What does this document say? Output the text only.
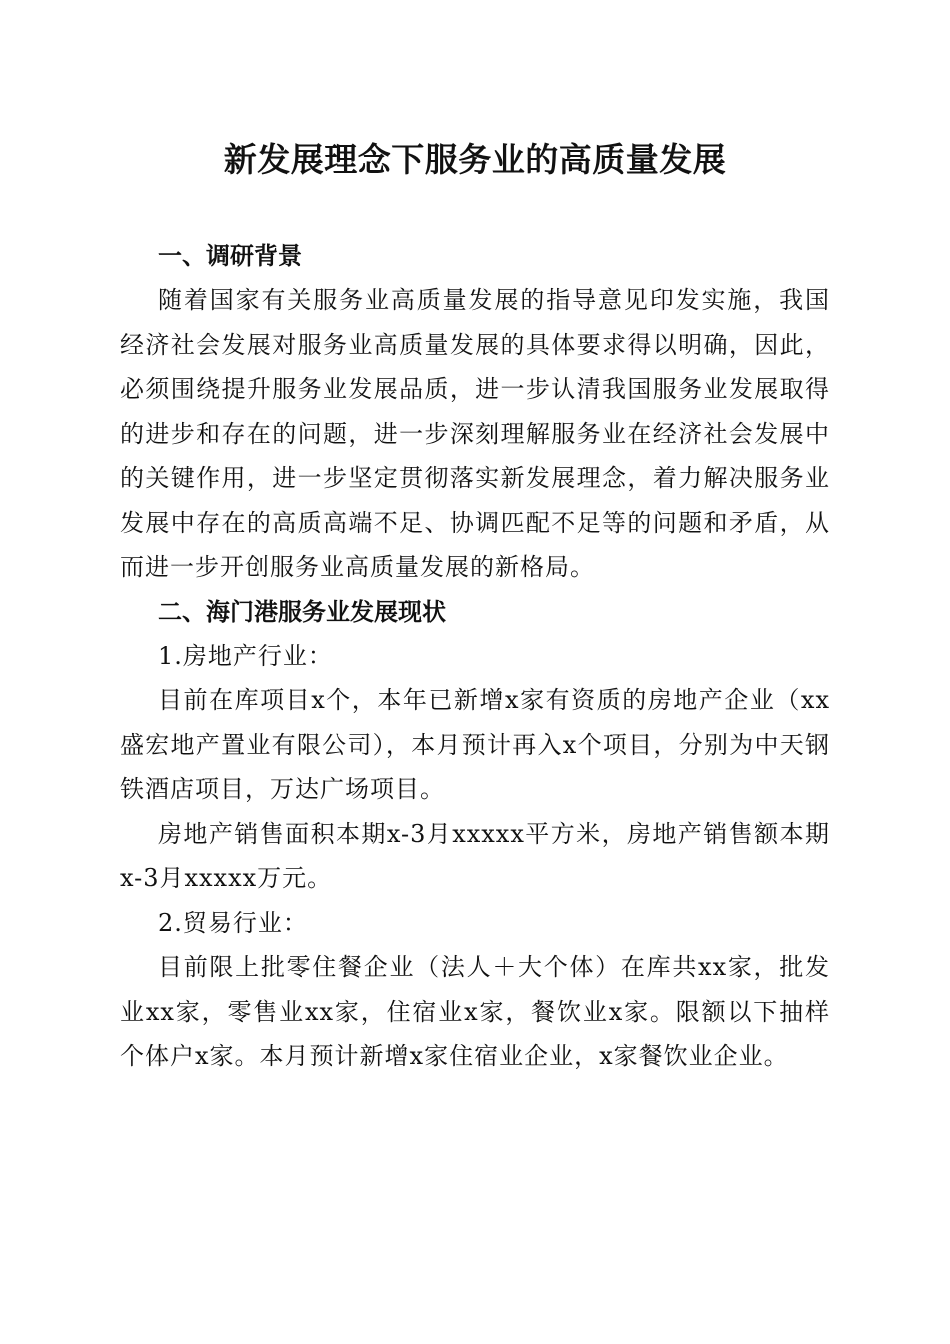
新发展理念下服务业的高质量发展

一、调研背景

随着国家有关服务业高质量发展的指导意见印发实施，我国经济社会发展对服务业高质量发展的具体要求得以明确，因此，必须围绕提升服务业发展品质，进一步认清我国服务业发展取得的进步和存在的问题，进一步深刻理解服务业在经济社会发展中的关键作用，进一步坚定贯彻落实新发展理念，着力解决服务业发展中存在的高质高端不足、协调匹配不足等的问题和矛盾，从而进一步开创服务业高质量发展的新格局。

二、海门港服务业发展现状

1.房地产行业：

目前在库项目x个，本年已新增x家有资质的房地产企业（xx盛宏地产置业有限公司），本月预计再入x个项目，分别为中天钢铁酒店项目，万达广场项目。

房地产销售面积本期x-3月xxxxx平方米，房地产销售额本期x-3月xxxxx万元。

2.贸易行业：

目前限上批零住餐企业（法人＋大个体）在库共xx家，批发业xx家，零售业xx家，住宿业x家，餐饮业x家。限额以下抽样个体户x家。本月预计新增x家住宿业企业，x家餐饮业企业。
